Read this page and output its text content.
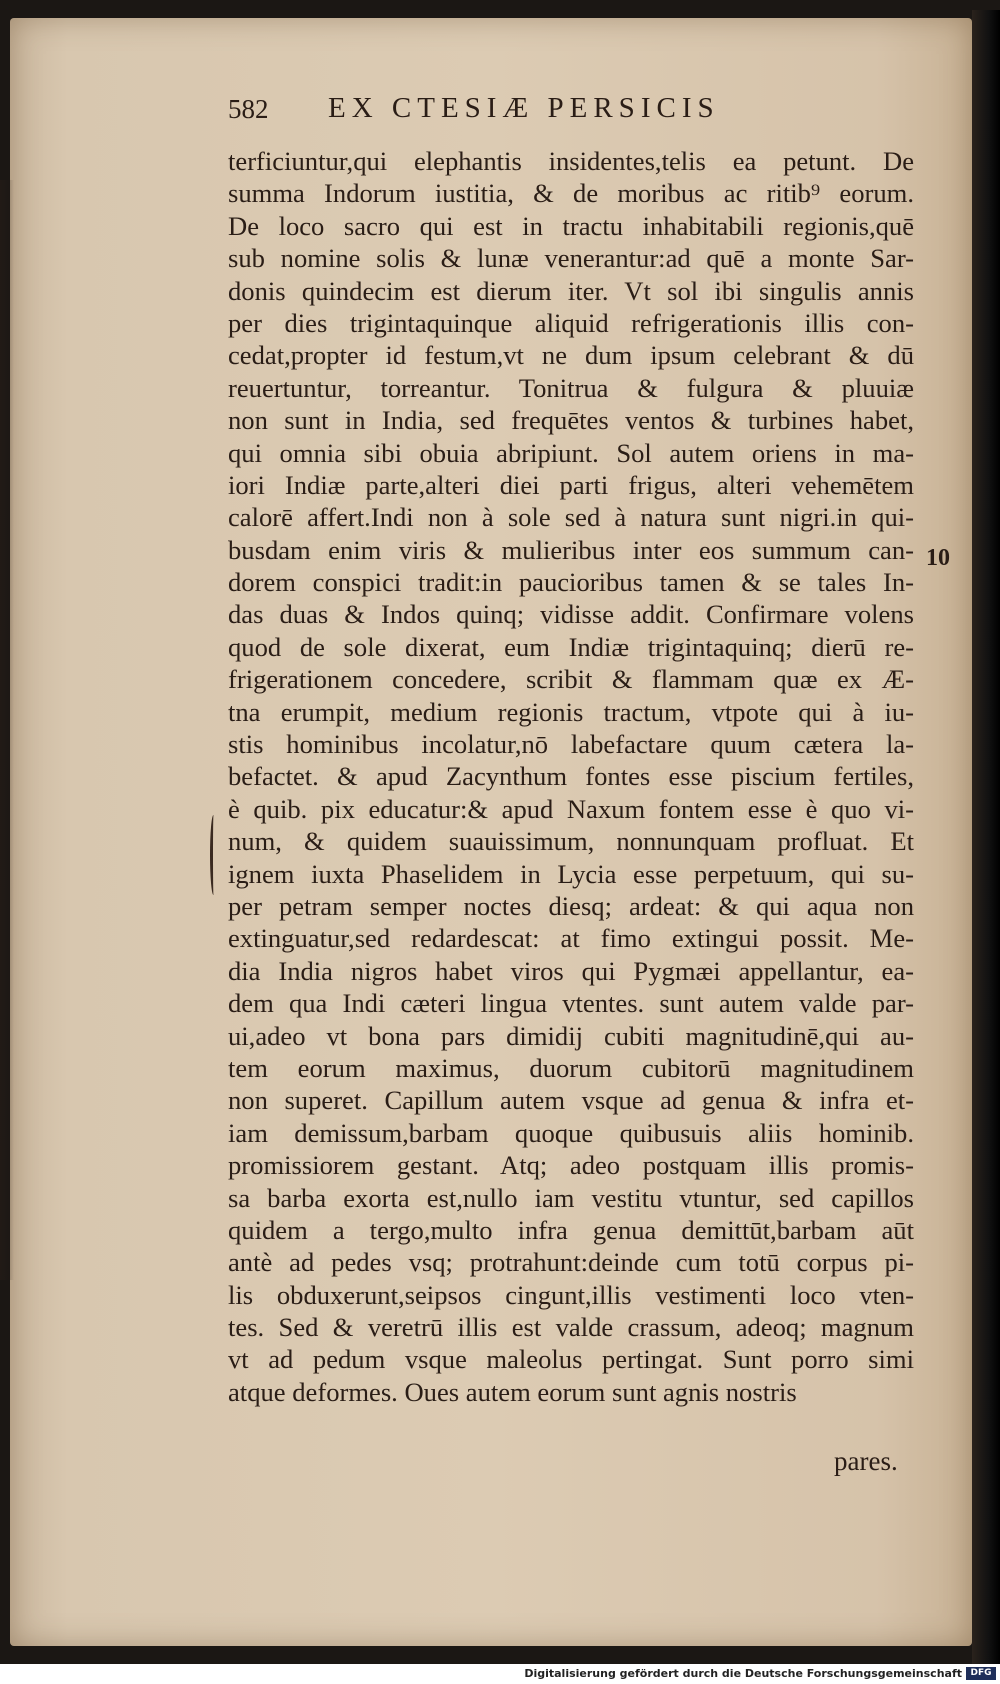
582 EX CTESIÆ PERSICIS
terficiuntur,qui elephantis insidentes,telis ea petunt. De
summa Indorum iustitia, & de moribus ac ritib⁹ eorum.
De loco sacro qui est in tractu inhabitabili regionis,quē
sub nomine solis & lunæ venerantur:ad quē a monte Sar-
donis quindecim est dierum iter. Vt sol ibi singulis annis
per dies trigintaquinque aliquid refrigerationis illis con-
cedat,propter id festum,vt ne dum ipsum celebrant & dū
reuertuntur, torreantur. Tonitrua & fulgura & pluuiæ
non sunt in India, sed frequētes ventos & turbines habet,
qui omnia sibi obuia abripiunt. Sol autem oriens in ma-
iori Indiæ parte,alteri diei parti frigus, alteri vehemētem
calorē affert.Indi non à sole sed à natura sunt nigri.in qui-
busdam enim viris & mulieribus inter eos summum can-
dorem conspici tradit:in paucioribus tamen & se tales In-
das duas & Indos quinq; vidisse addit. Confirmare volens
quod de sole dixerat, eum Indiæ trigintaquinq; dierū re-
frigerationem concedere, scribit & flammam quæ ex Æ-
tna erumpit, medium regionis tractum, vtpote qui à iu-
stis hominibus incolatur,nō labefactare quum cætera la-
befactet. & apud Zacynthum fontes esse piscium fertiles,
è quib. pix educatur:& apud Naxum fontem esse è quo vi-
num, & quidem suauissimum, nonnunquam profluat. Et
ignem iuxta Phaselidem in Lycia esse perpetuum, qui su-
per petram semper noctes diesq; ardeat: & qui aqua non
extinguatur,sed redardescat: at fimo extingui possit. Me-
dia India nigros habet viros qui Pygmæi appellantur, ea-
dem qua Indi cæteri lingua vtentes. sunt autem valde par-
ui,adeo vt bona pars dimidij cubiti magnitudinē,qui au-
tem eorum maximus, duorum cubitorū magnitudinem
non superet. Capillum autem vsque ad genua & infra et-
iam demissum,barbam quoque quibusuis aliis hominib.
promissiorem gestant. Atq; adeo postquam illis promis-
sa barba exorta est,nullo iam vestitu vtuntur, sed capillos
quidem a tergo,multo infra genua demittūt,barbam aūt
antè ad pedes vsq; protrahunt:deinde cum totū corpus pi-
lis obduxerunt,seipsos cingunt,illis vestimenti loco vten-
tes. Sed & veretrū illis est valde crassum, adeoq; magnum
vt ad pedum vsque maleolus pertingat. Sunt porro simi
atque deformes. Oues autem eorum sunt agnis nostris
10
pares.
Digitalisierung gefördert durch die Deutsche Forschungsgemeinschaft DFG
